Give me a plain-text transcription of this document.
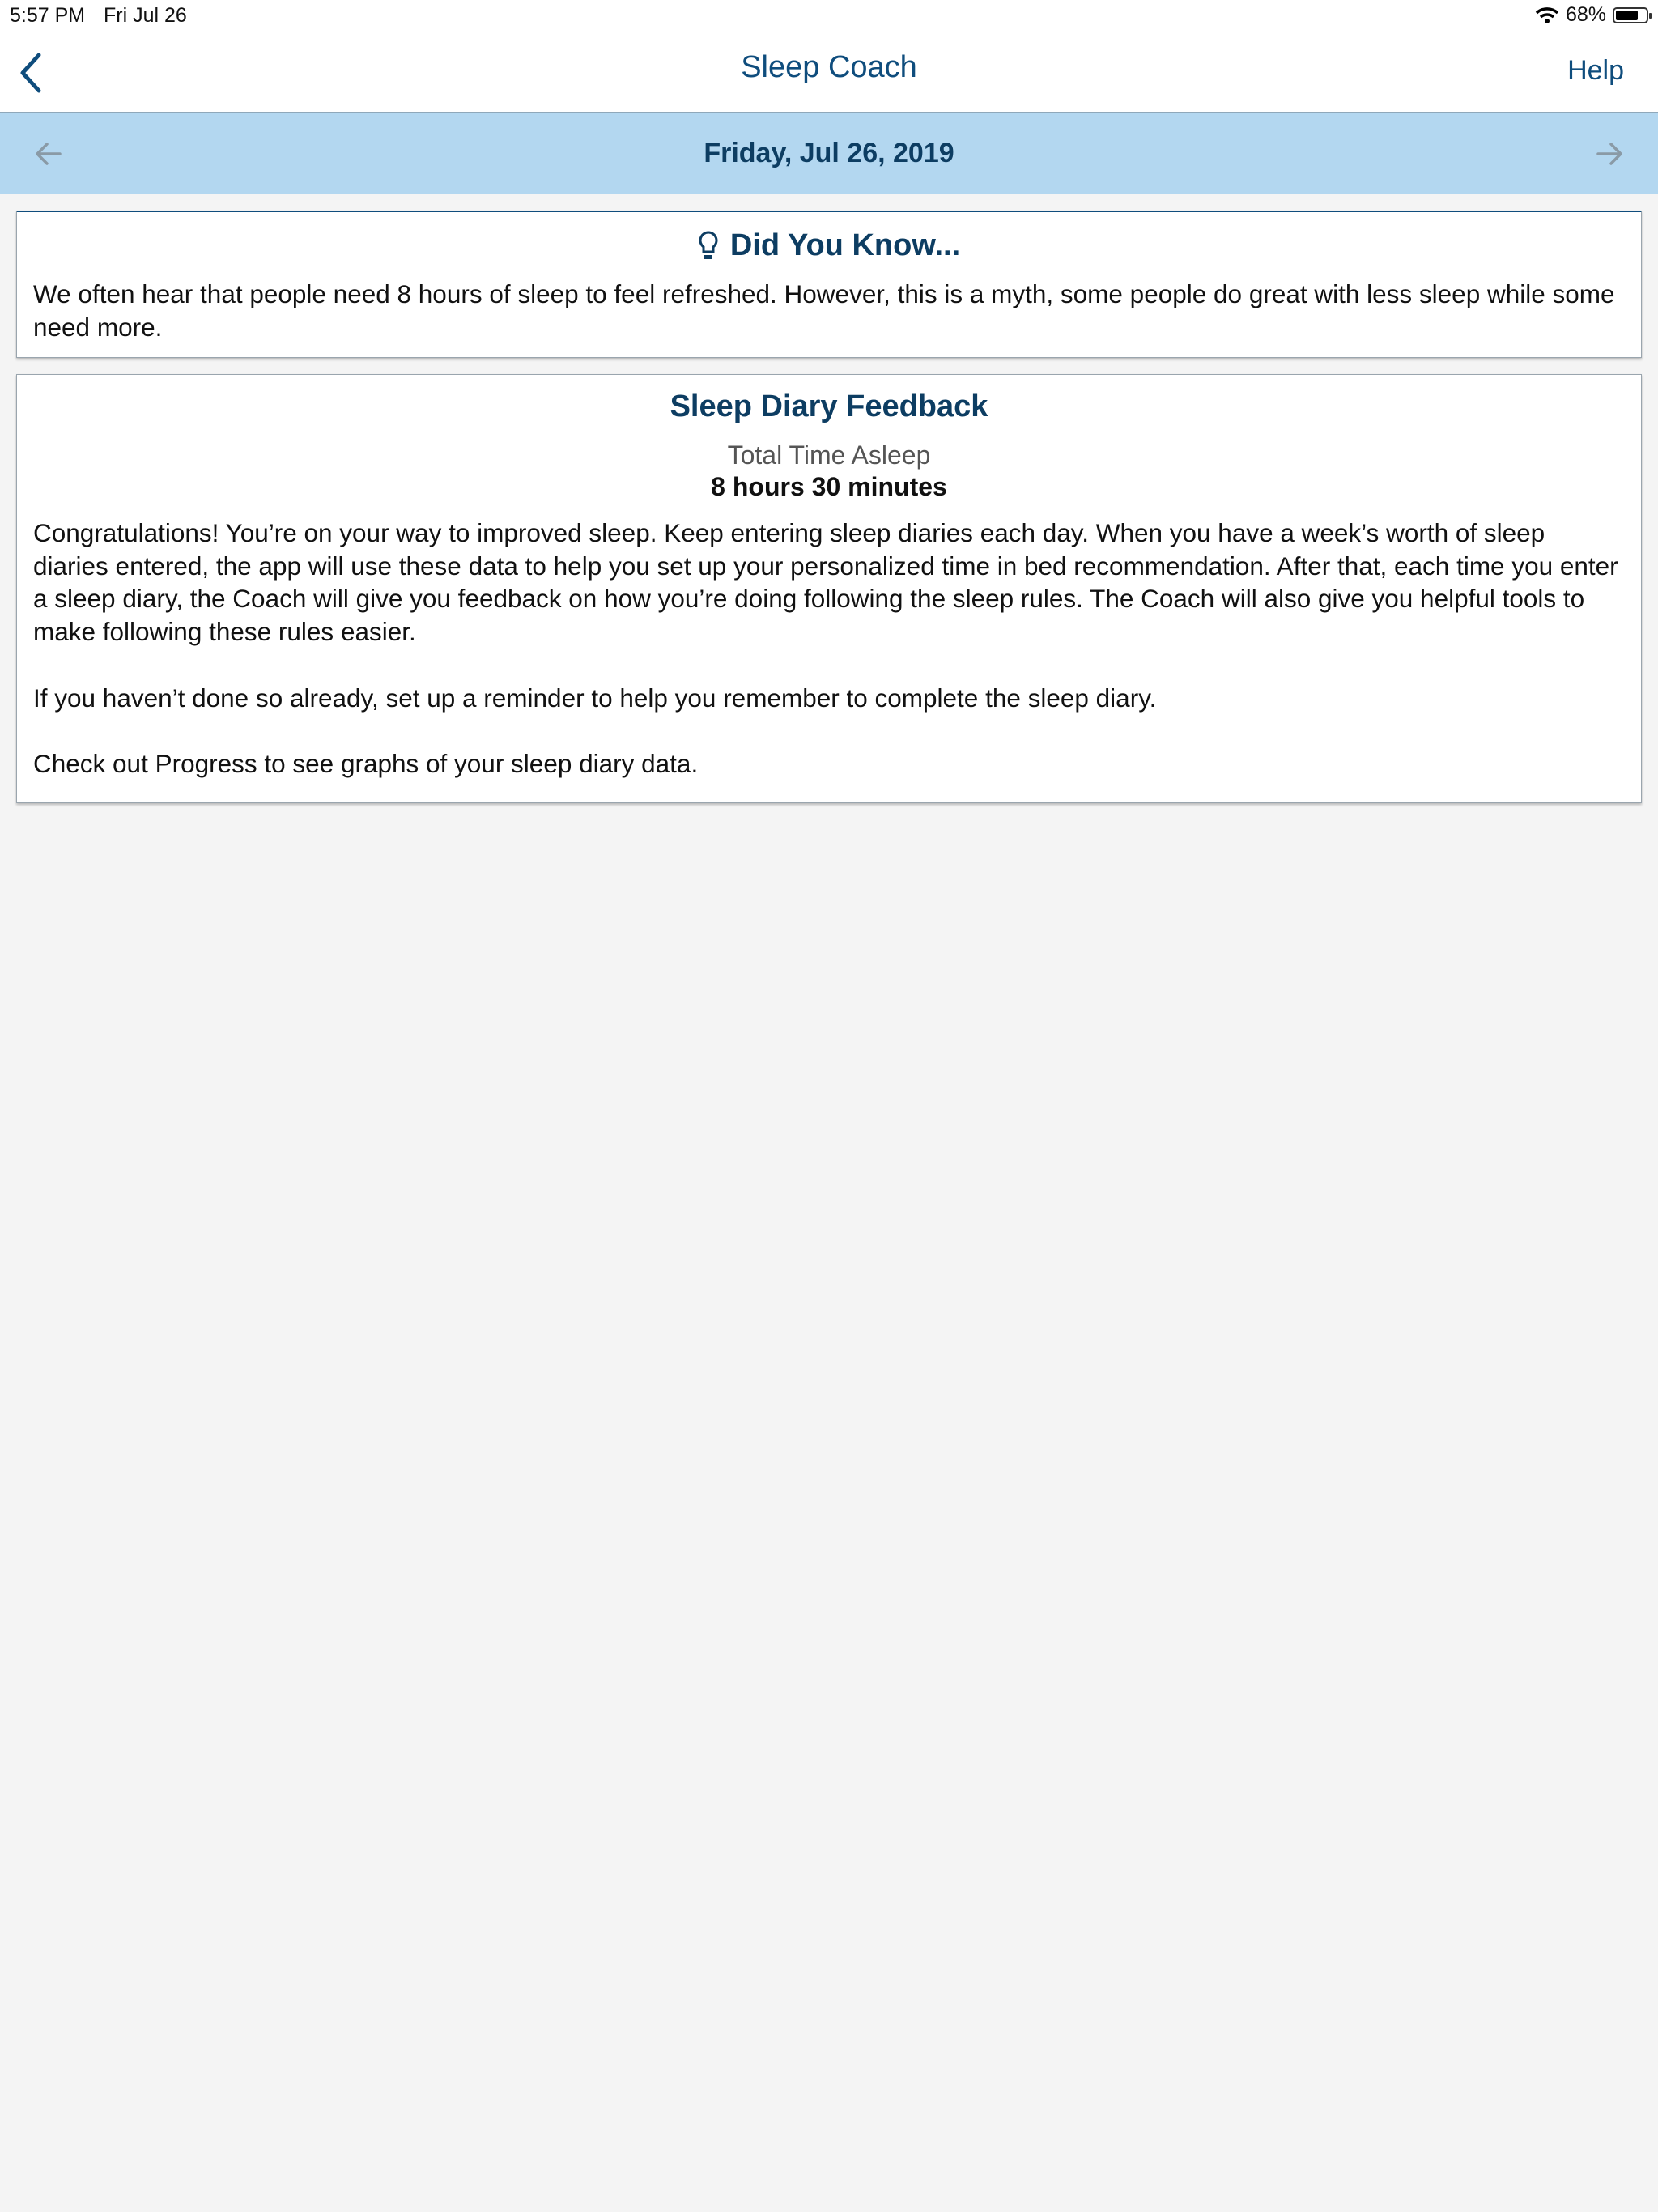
5:57 PM Fri Jul 26	68%
Sleep Coach	Help
Friday, Jul 26, 2019
Did You Know...

We often hear that people need 8 hours of sleep to feel refreshed. However, this is a myth, some people do great with less sleep while some need more.

Sleep Diary Feedback
Total Time Asleep
8 hours 30 minutes

Congratulations! You’re on your way to improved sleep. Keep entering sleep diaries each day. When you have a week’s worth of sleep diaries entered, the app will use these data to help you set up your personalized time in bed recommendation. After that, each time you enter a sleep diary, the Coach will give you feedback on how you’re doing following the sleep rules. The Coach will also give you helpful tools to make following these rules easier.

If you haven’t done so already, set up a reminder to help you remember to complete the sleep diary.

Check out Progress to see graphs of your sleep diary data.
